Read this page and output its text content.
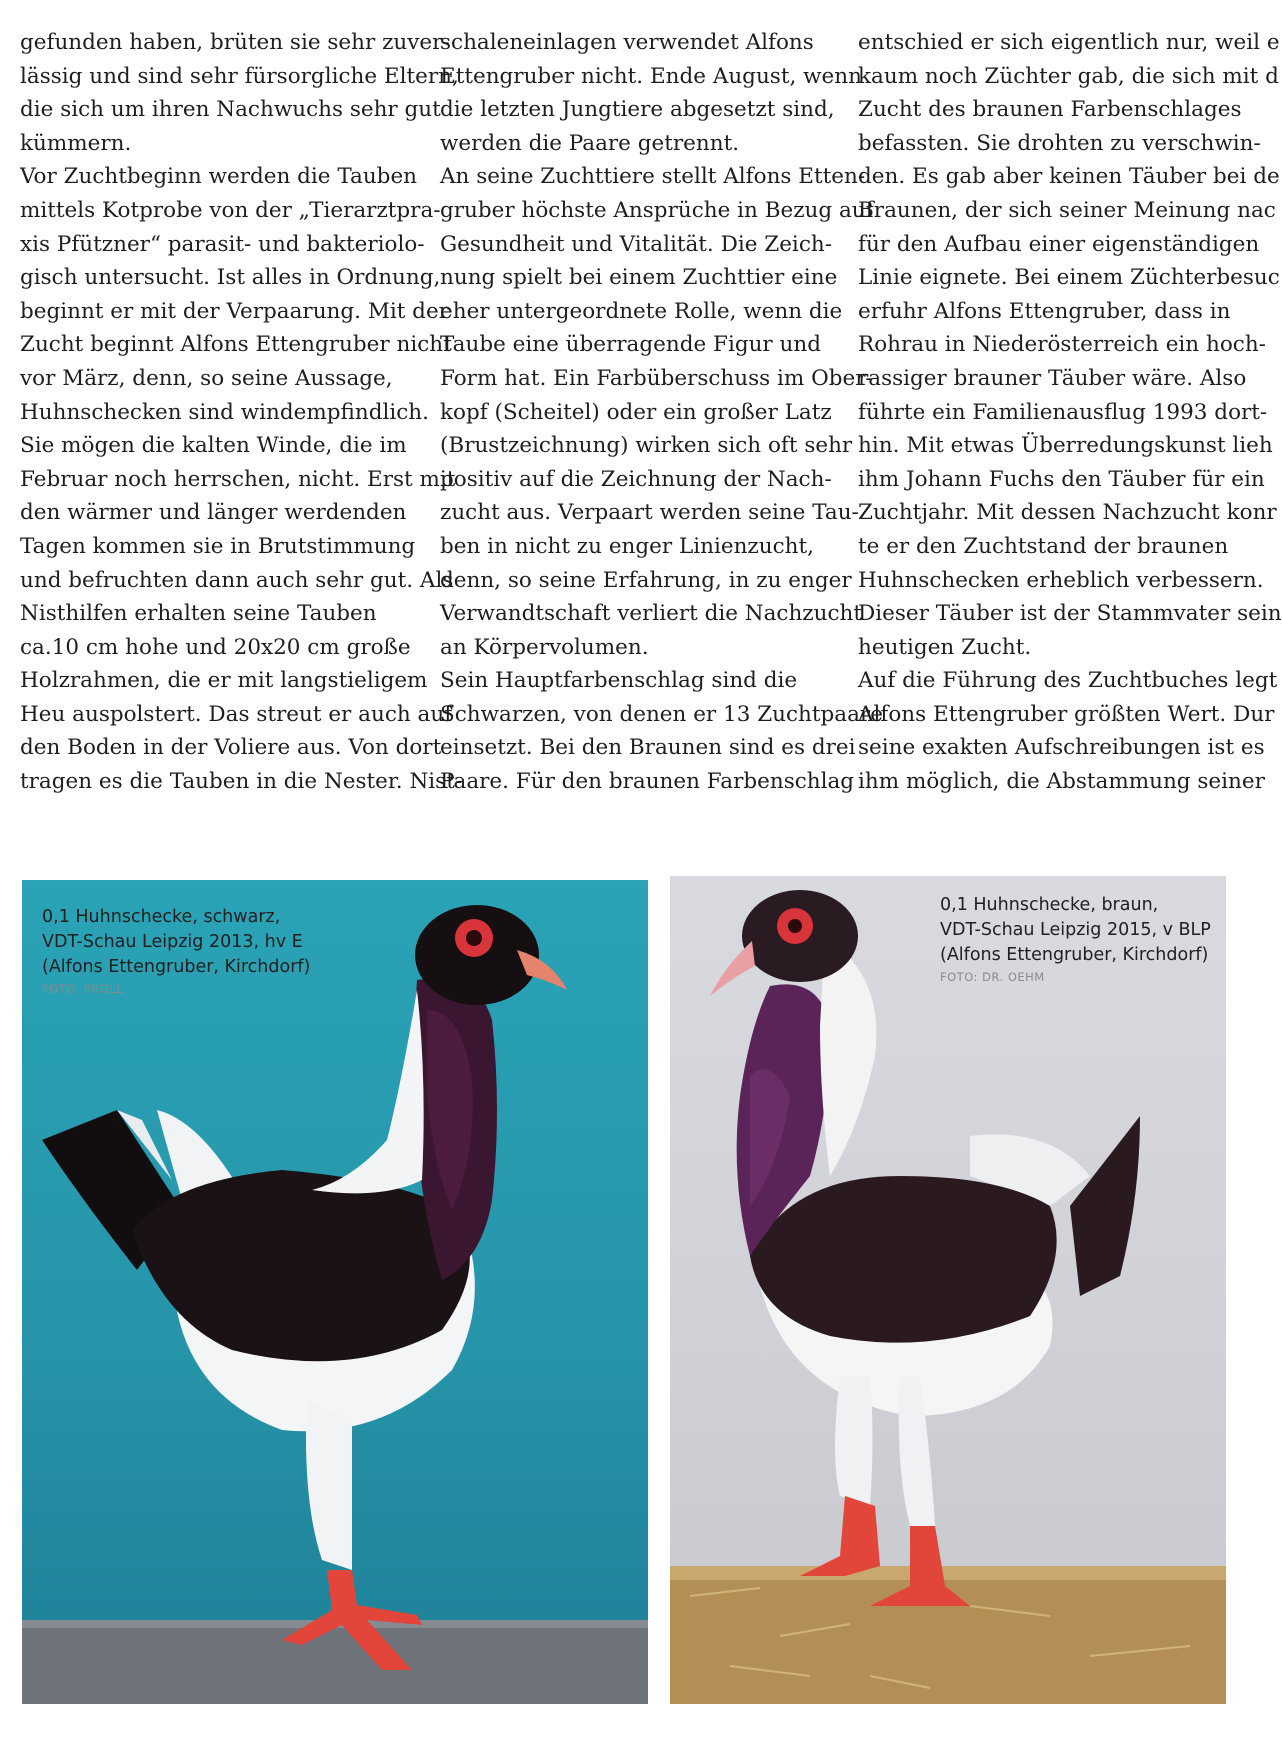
gefunden haben, brüten sie sehr zuver-
lässig und sind sehr fürsorgliche Eltern,
die sich um ihren Nachwuchs sehr gut
kümmern.
Vor Zuchtbeginn werden die Tauben
mittels Kotprobe von der „Tierarztpra-
xis Pfützner“ parasit- und bakteriolo-
gisch untersucht. Ist alles in Ordnung,
beginnt er mit der Verpaarung. Mit der
Zucht beginnt Alfons Ettengruber nicht
vor März, denn, so seine Aussage,
Huhnschecken sind windempfindlich.
Sie mögen die kalten Winde, die im
Februar noch herrschen, nicht. Erst mit
den wärmer und länger werdenden
Tagen kommen sie in Brutstimmung
und befruchten dann auch sehr gut. Als
Nisthilfen erhalten seine Tauben
ca.10 cm hohe und 20x20 cm große
Holzrahmen, die er mit langstieligem
Heu auspolstert. Das streut er auch auf
den Boden in der Voliere aus. Von dort
tragen es die Tauben in die Nester. Nist-
schaleneinlagen verwendet Alfons
Ettengruber nicht. Ende August, wenn
die letzten Jungtiere abgesetzt sind,
werden die Paare getrennt.
An seine Zuchttiere stellt Alfons Etten-
gruber höchste Ansprüche in Bezug auf
Gesundheit und Vitalität. Die Zeich-
nung spielt bei einem Zuchttier eine
eher untergeordnete Rolle, wenn die
Taube eine überragende Figur und
Form hat. Ein Farbüberschuss im Ober-
kopf (Scheitel) oder ein großer Latz
(Brustzeichnung) wirken sich oft sehr
positiv auf die Zeichnung der Nach-
zucht aus. Verpaart werden seine Tau-
ben in nicht zu enger Linienzucht,
denn, so seine Erfahrung, in zu enger
Verwandtschaft verliert die Nachzucht
an Körpervolumen.
Sein Hauptfarbenschlag sind die
Schwarzen, von denen er 13 Zuchtpaare
einsetzt. Bei den Braunen sind es drei
Paare. Für den braunen Farbenschlag
entschied er sich eigentlich nur, weil e
kaum noch Züchter gab, die sich mit d
Zucht des braunen Farbenschlages
befassten. Sie drohten zu verschwin-
den. Es gab aber keinen Täuber bei de
Braunen, der sich seiner Meinung nac
für den Aufbau einer eigenständigen
Linie eignete. Bei einem Züchterbesuc
erfuhr Alfons Ettengruber, dass in
Rohrau in Niederösterreich ein hoch-
rassiger brauner Täuber wäre. Also
führte ein Familienausflug 1993 dort-
hin. Mit etwas Überredungskunst lieh
ihm Johann Fuchs den Täuber für ein
Zuchtjahr. Mit dessen Nachzucht konr
te er den Zuchtstand der braunen
Huhnschecken erheblich verbessern.
Dieser Täuber ist der Stammvater sein
heutigen Zucht.
Auf die Führung des Zuchtbuches legt
Alfons Ettengruber größten Wert. Dur
seine exakten Aufschreibungen ist es
ihm möglich, die Abstammung seiner
0,1 Huhnschecke, schwarz,
VDT-Schau Leipzig 2013, hv E
(Alfons Ettengruber, Kirchdorf)
FOTO: PROLL
0,1 Huhnschecke, braun,
VDT-Schau Leipzig 2015, v BLP
(Alfons Ettengruber, Kirchdorf)
FOTO: DR. OEHM
